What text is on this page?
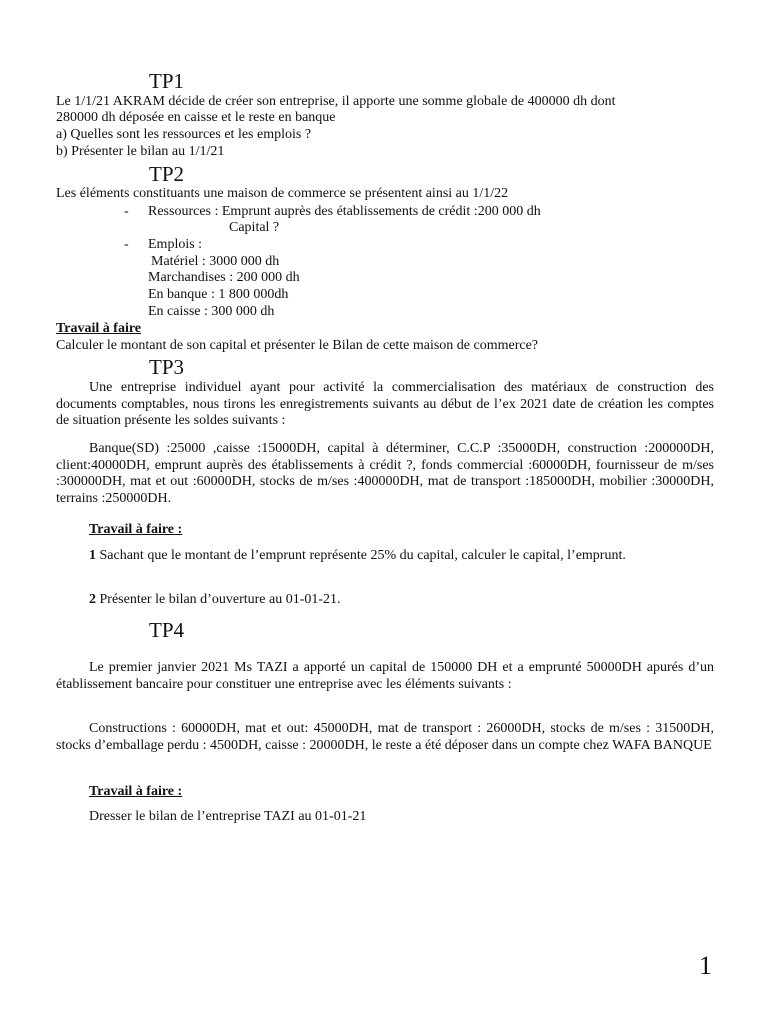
TP1

Le 1/1/21 AKRAM décide de créer son entreprise, il apporte une somme globale de 400000 dh dont

280000 dh déposée en caisse et le reste en banque

a) Quelles sont les ressources et les emplois ?

b) Présenter le bilan au 1/1/21

TP2

Les éléments constituants une maison de commerce se présentent ainsi au 1/1/22

- Ressources : Emprunt auprès des établissements de crédit :200 000 dh

Capital ?

- Emplois :

Matériel : 3000 000 dh

Marchandises : 200 000 dh

En banque : 1 800 000dh

En caisse : 300 000 dh

Travail à faire

Calculer le montant de son capital et présenter le Bilan de cette maison de commerce?

TP3

Une entreprise individuel ayant pour activité la commercialisation des matériaux de construction des documents comptables, nous tirons les enregistrements suivants au début de l’ex 2021 date de création les comptes de situation présente les soldes suivants :

Banque(SD) :25000 ,caisse :15000DH, capital à déterminer, C.C.P :35000DH, construction :200000DH, client:40000DH, emprunt auprès des établissements à crédit ?, fonds commercial :60000DH, fournisseur de m/ses :300000DH, mat et out :60000DH, stocks de m/ses :400000DH, mat de transport :185000DH, mobilier :30000DH, terrains :250000DH.

Travail à faire :

1 Sachant que le montant de l’emprunt représente 25% du capital, calculer le capital, l’emprunt.

2 Présenter le bilan d’ouverture au 01-01-21.

TP4

Le premier janvier 2021 Ms TAZI a apporté un capital de 150000 DH et a emprunté 50000DH apurés d’un établissement bancaire pour constituer une entreprise avec les éléments suivants :

Constructions : 60000DH, mat et out: 45000DH, mat de transport : 26000DH, stocks de m/ses : 31500DH, stocks d’emballage perdu : 4500DH, caisse : 20000DH, le reste a été déposer dans un compte chez WAFA BANQUE

Travail à faire :

Dresser le bilan de l’entreprise TAZI au 01-01-21

1
